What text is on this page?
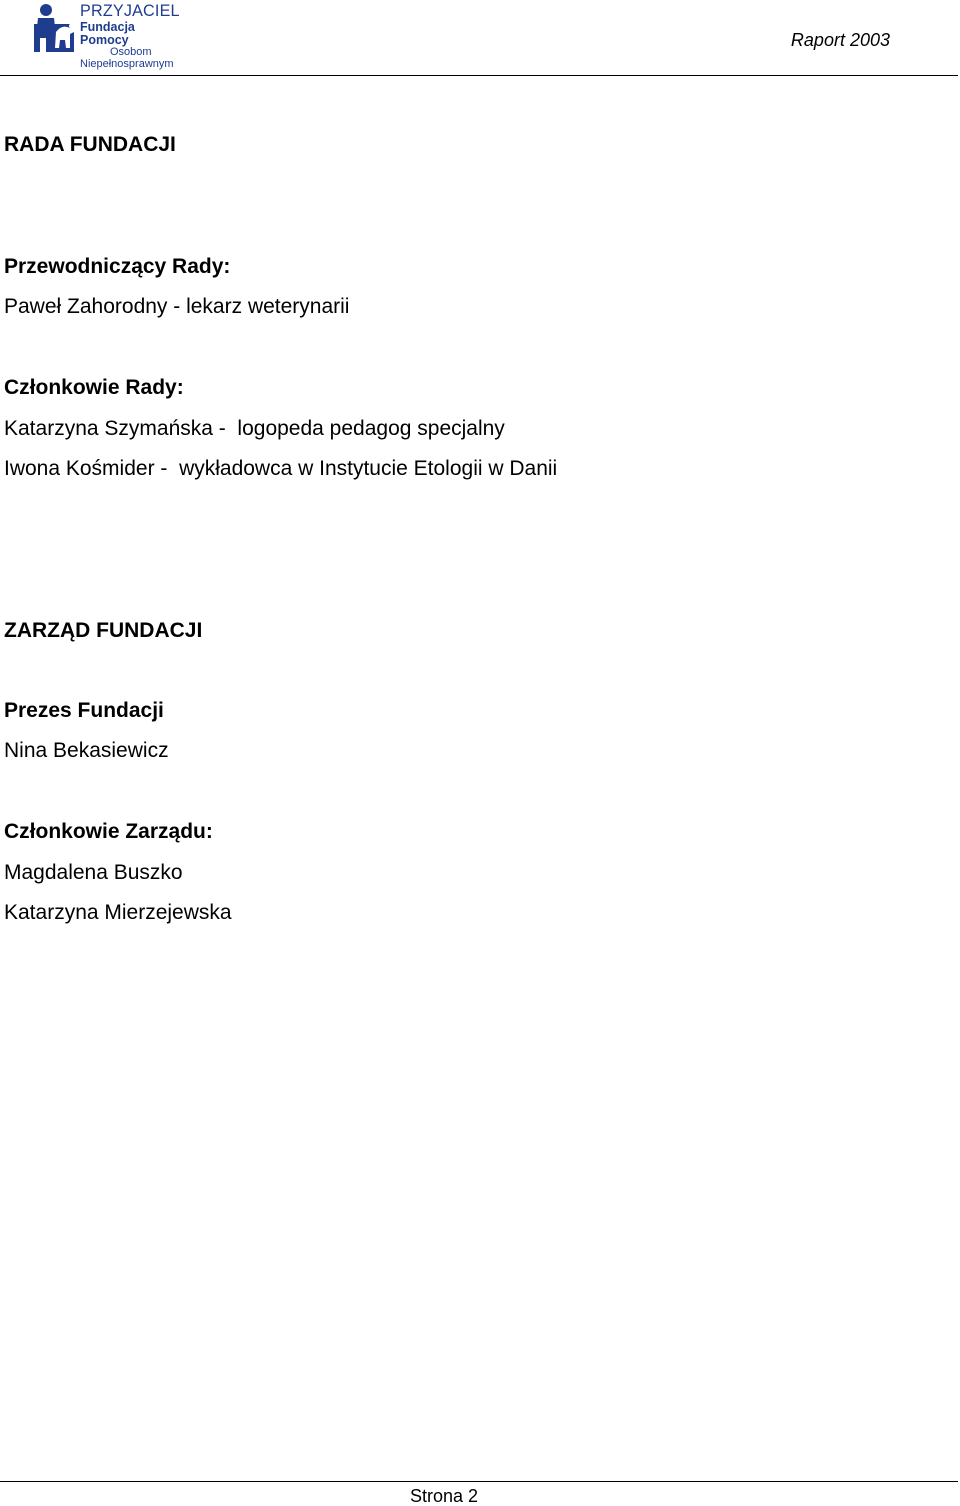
PRZYJACIEL
Fundacja Pomocy
Osobom
Niepełnosprawnym
Raport 2003
RADA FUNDACJI
Przewodniczący Rady:
Paweł Zahorodny - lekarz weterynarii
Członkowie Rady:
Katarzyna Szymańska -  logopeda pedagog specjalny
Iwona Kośmider -  wykładowca w Instytucie Etologii w Danii
ZARZĄD FUNDACJI
Prezes Fundacji
Nina Bekasiewicz
Członkowie Zarządu:
Magdalena Buszko
Katarzyna Mierzejewska
Strona 2
